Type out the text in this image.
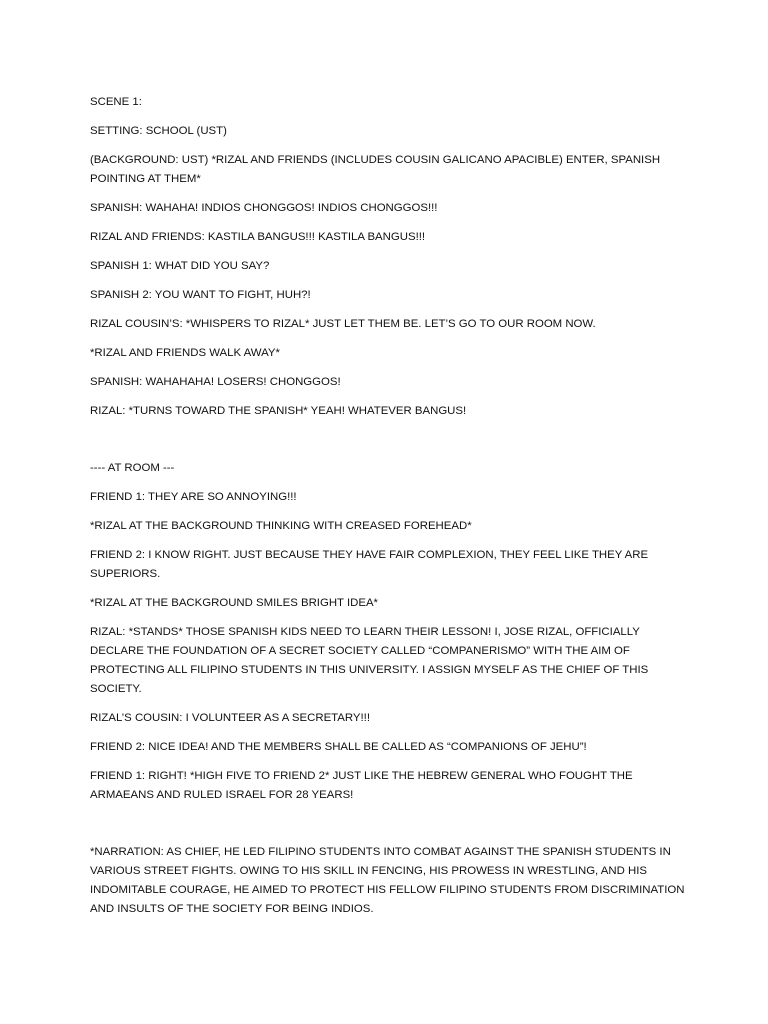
SCENE 1:

SETTING: SCHOOL (UST)

(BACKGROUND: UST) *RIZAL AND FRIENDS (INCLUDES COUSIN GALICANO APACIBLE) ENTER, SPANISH POINTING AT THEM*

SPANISH: WAHAHA! INDIOS CHONGGOS! INDIOS CHONGGOS!!!

RIZAL AND FRIENDS: KASTILA BANGUS!!! KASTILA BANGUS!!!

SPANISH 1: WHAT DID YOU SAY?

SPANISH 2: YOU WANT TO FIGHT, HUH?!

RIZAL COUSIN’S: *WHISPERS TO RIZAL* JUST LET THEM BE. LET’S GO TO OUR ROOM NOW.

*RIZAL AND FRIENDS WALK AWAY*

SPANISH: WAHAHAHA! LOSERS! CHONGGOS!

RIZAL: *TURNS TOWARD THE SPANISH* YEAH! WHATEVER BANGUS!

---- AT ROOM ---

FRIEND 1: THEY ARE SO ANNOYING!!!

*RIZAL AT THE BACKGROUND THINKING WITH CREASED FOREHEAD*

FRIEND 2: I KNOW RIGHT. JUST BECAUSE THEY HAVE FAIR COMPLEXION, THEY FEEL LIKE THEY ARE SUPERIORS.

*RIZAL AT THE BACKGROUND SMILES BRIGHT IDEA*

RIZAL: *STANDS* THOSE SPANISH KIDS NEED TO LEARN THEIR LESSON! I, JOSE RIZAL, OFFICIALLY DECLARE THE FOUNDATION OF A SECRET SOCIETY CALLED “COMPANERISMO” WITH THE AIM OF PROTECTING ALL FILIPINO STUDENTS IN THIS UNIVERSITY. I ASSIGN MYSELF AS THE CHIEF OF THIS SOCIETY.

RIZAL’S COUSIN: I VOLUNTEER AS A SECRETARY!!!

FRIEND 2: NICE IDEA! AND THE MEMBERS SHALL BE CALLED AS “COMPANIONS OF JEHU”!

FRIEND 1: RIGHT! *HIGH FIVE TO FRIEND 2* JUST LIKE THE HEBREW GENERAL WHO FOUGHT THE ARMAEANS AND RULED ISRAEL FOR 28 YEARS!

*NARRATION: AS CHIEF, HE LED FILIPINO STUDENTS INTO COMBAT AGAINST THE SPANISH STUDENTS IN VARIOUS STREET FIGHTS. OWING TO HIS SKILL IN FENCING, HIS PROWESS IN WRESTLING, AND HIS INDOMITABLE COURAGE, HE AIMED TO PROTECT HIS FELLOW FILIPINO STUDENTS FROM DISCRIMINATION AND INSULTS OF THE SOCIETY FOR BEING INDIOS.
